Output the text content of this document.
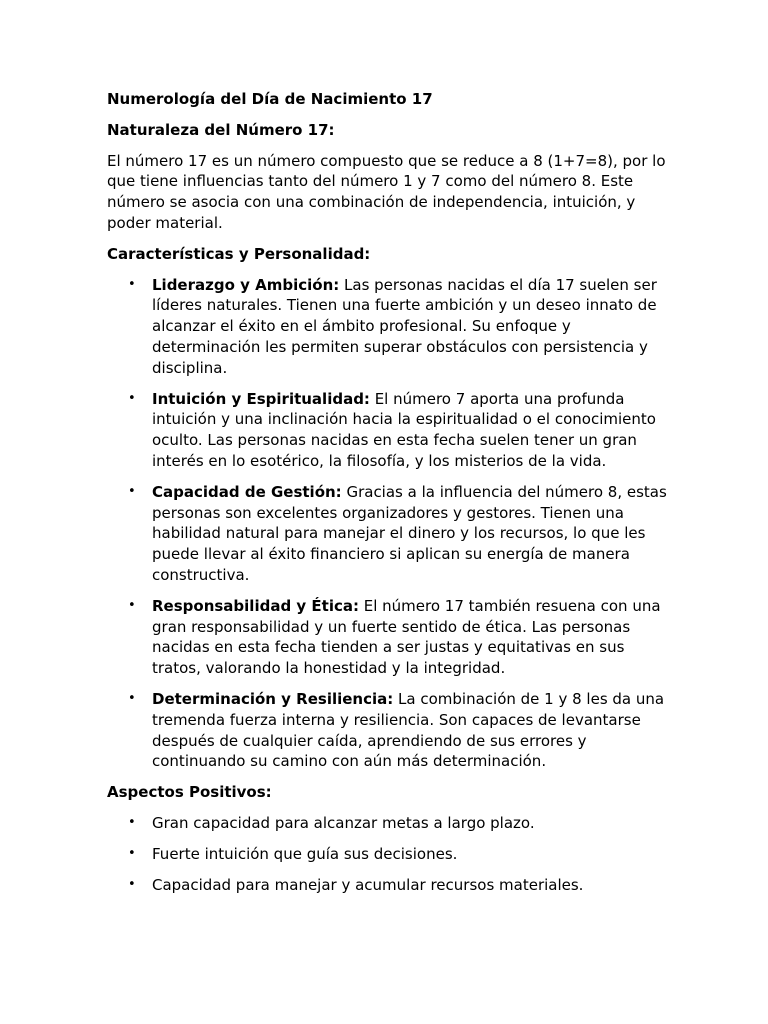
Numerología del Día de Nacimiento 17
Naturaleza del Número 17:

El número 17 es un número compuesto que se reduce a 8 (1+7=8), por lo que tiene influencias tanto del número 1 y 7 como del número 8. Este número se asocia con una combinación de independencia, intuición, y poder material.

Características y Personalidad:
• Liderazgo y Ambición: Las personas nacidas el día 17 suelen ser líderes naturales. Tienen una fuerte ambición y un deseo innato de alcanzar el éxito en el ámbito profesional. Su enfoque y determinación les permiten superar obstáculos con persistencia y disciplina.
• Intuición y Espiritualidad: El número 7 aporta una profunda intuición y una inclinación hacia la espiritualidad o el conocimiento oculto. Las personas nacidas en esta fecha suelen tener un gran interés en lo esotérico, la filosofía, y los misterios de la vida.
• Capacidad de Gestión: Gracias a la influencia del número 8, estas personas son excelentes organizadores y gestores. Tienen una habilidad natural para manejar el dinero y los recursos, lo que les puede llevar al éxito financiero si aplican su energía de manera constructiva.
• Responsabilidad y Ética: El número 17 también resuena con una gran responsabilidad y un fuerte sentido de ética. Las personas nacidas en esta fecha tienden a ser justas y equitativas en sus tratos, valorando la honestidad y la integridad.
• Determinación y Resiliencia: La combinación de 1 y 8 les da una tremenda fuerza interna y resiliencia. Son capaces de levantarse después de cualquier caída, aprendiendo de sus errores y continuando su camino con aún más determinación.
Aspectos Positivos:
• Gran capacidad para alcanzar metas a largo plazo.
• Fuerte intuición que guía sus decisiones.
• Capacidad para manejar y acumular recursos materiales.
